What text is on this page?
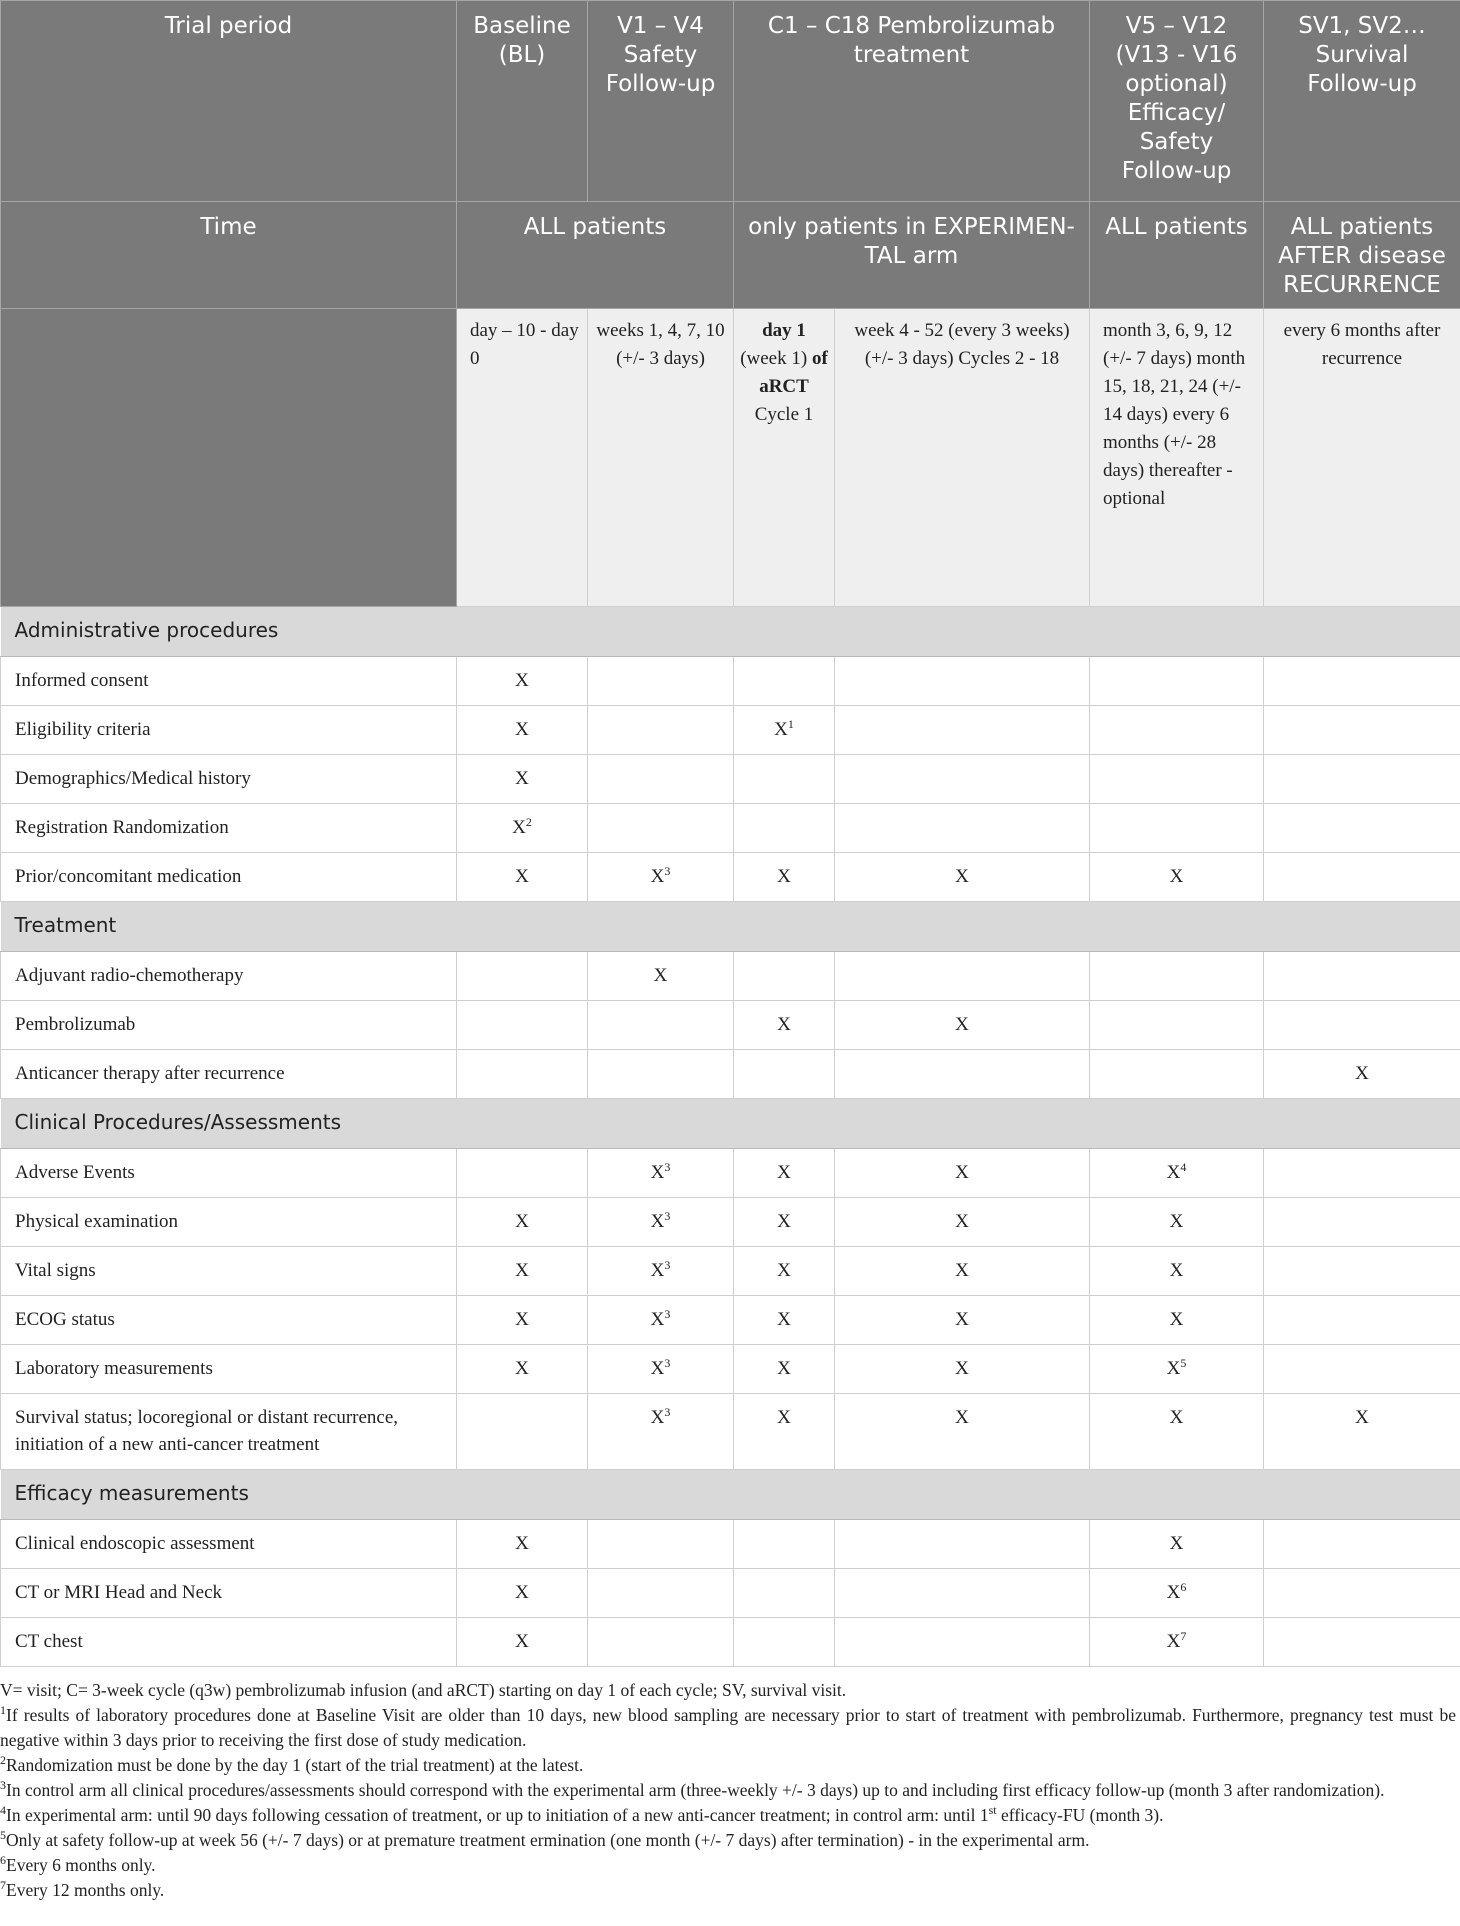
Trial period	Baseline (BL)	V1 – V4 Safety Follow-up	C1 – C18 Pembrolizumab treatment		V5 – V12 (V13 - V16 optional) Efficacy/ Safety Follow-up	SV1, SV2… Survival Follow-up
Time	ALL patients		only patients in EXPERIMEN-TAL arm		ALL patients	ALL patients AFTER disease RECURRENCE
	day – 10 - day 0	weeks 1, 4, 7, 10 (+/- 3 days)	day 1 (week 1) of aRCT Cycle 1	week 4 - 52 (every 3 weeks) (+/- 3 days) Cycles 2 - 18	month 3, 6, 9, 12 (+/- 7 days) month 15, 18, 21, 24 (+/- 14 days) every 6 months (+/- 28 days) thereafter - optional	every 6 months after recurrence
Administrative procedures						
Informed consent	X					
Eligibility criteria	X		$X^1$			
Demographics/Medical history	X					
Registration Randomization	$X^2$					
Prior/concomitant medication	X	$X^3$	X	X	X	
Treatment						
Adjuvant radio-chemotherapy		X				
Pembrolizumab			X	X		
Anticancer therapy after recurrence						X
Clinical Procedures/Assessments						
Adverse Events		$X^3$	X	X	$X^4$	
Physical examination	X	$X^3$	X	X	X	
Vital signs	X	$X^3$	X	X	X	
ECOG status	X	$X^3$	X	X	X	
Laboratory measurements	X	$X^3$	X	X	$X^5$	
Survival status; locoregional or distant recurrence, initiation of a new anti-cancer treatment		$X^3$	X	X	X	X
Efficacy measurements						
Clinical endoscopic assessment	X				X	
CT or MRI Head and Neck	X				$X^6$	
CT chest	X				$X^7$	

V= visit; C= 3-week cycle (q3w) pembrolizumab infusion (and aRCT) starting on day 1 of each cycle; SV, survival visit.

$^1$If results of laboratory procedures done at Baseline Visit are older than 10 days, new blood sampling are necessary prior to start of treatment with pembrolizumab. Furthermore, pregnancy test must be negative within 3 days prior to receiving the first dose of study medication.

$^2$Randomization must be done by the day 1 (start of the trial treatment) at the latest.

$^3$In control arm all clinical procedures/assessments should correspond with the experimental arm (three-weekly +/- 3 days) up to and including first efficacy follow-up (month 3 after randomization).

$^4$In experimental arm: until 90 days following cessation of treatment, or up to initiation of a new anti-cancer treatment; in control arm: until 1st efficacy-FU (month 3).

$^5$Only at safety follow-up at week 56 (+/- 7 days) or at premature treatment ermination (one month (+/- 7 days) after termination) - in the experimental arm.

$^6$Every 6 months only.

$^7$Every 12 months only.
